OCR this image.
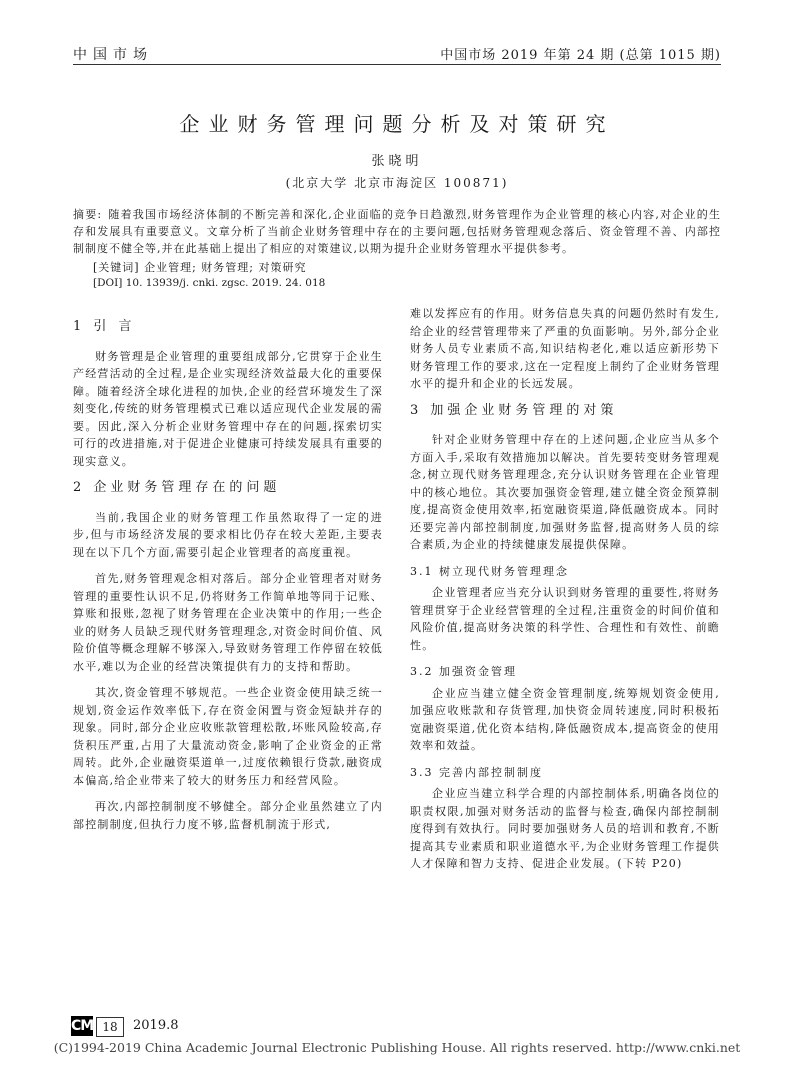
中国市场	中国市场 2019 年第 24 期 (总第 1015 期)
企业财务管理问题分析及对策研究
张晓明
(北京大学 北京市海淀区 100871)
摘要: 随着我国市场经济体制的不断完善和深化,企业面临的竞争日趋激烈,财务管理作为企业管理的核心内容,对企业的生存和发展具有重要意义。文章分析了当前企业财务管理中存在的主要问题,包括财务管理观念落后、资金管理不善、内部控制制度不健全等,并在此基础上提出了相应的对策建议,以期为提升企业财务管理水平提供参考。
[关键词] 企业管理; 财务管理; 对策研究
[DOI] 10. 13939/j. cnki. zgsc. 2019. 24. 018
1 引 言

财务管理是企业管理的重要组成部分,它贯穿于企业生产经营活动的全过程,是企业实现经济效益最大化的重要保障。随着经济全球化进程的加快,企业的经营环境发生了深刻变化,传统的财务管理模式已难以适应现代企业发展的需要。因此,深入分析企业财务管理中存在的问题,探索切实可行的改进措施,对于促进企业健康可持续发展具有重要的现实意义。

2 企业财务管理存在的问题

当前,我国企业的财务管理工作虽然取得了一定的进步,但与市场经济发展的要求相比仍存在较大差距,主要表现在以下几个方面,需要引起企业管理者的高度重视。

首先,财务管理观念相对落后。部分企业管理者对财务管理的重要性认识不足,仍将财务工作简单地等同于记账、算账和报账,忽视了财务管理在企业决策中的作用;一些企业的财务人员缺乏现代财务管理理念,对资金时间价值、风险价值等概念理解不够深入,导致财务管理工作停留在较低水平,难以为企业的经营决策提供有力的支持和帮助。

其次,资金管理不够规范。一些企业资金使用缺乏统一规划,资金运作效率低下,存在资金闲置与资金短缺并存的现象。同时,部分企业应收账款管理松散,坏账风险较高,存货积压严重,占用了大量流动资金,影响了企业资金的正常周转。此外,企业融资渠道单一,过度依赖银行贷款,融资成本偏高,给企业带来了较大的财务压力和经营风险。

再次,内部控制制度不够健全。部分企业虽然建立了内部控制制度,但执行力度不够,监督机制流于形式,

难以发挥应有的作用。财务信息失真的问题仍然时有发生,给企业的经营管理带来了严重的负面影响。另外,部分企业财务人员专业素质不高,知识结构老化,难以适应新形势下财务管理工作的要求,这在一定程度上制约了企业财务管理水平的提升和企业的长远发展。

3 加强企业财务管理的对策

针对企业财务管理中存在的上述问题,企业应当从多个方面入手,采取有效措施加以解决。首先要转变财务管理观念,树立现代财务管理理念,充分认识财务管理在企业管理中的核心地位。其次要加强资金管理,建立健全资金预算制度,提高资金使用效率,拓宽融资渠道,降低融资成本。同时还要完善内部控制制度,加强财务监督,提高财务人员的综合素质,为企业的持续健康发展提供保障。

3.1 树立现代财务管理理念

企业管理者应当充分认识到财务管理的重要性,将财务管理贯穿于企业经营管理的全过程,注重资金的时间价值和风险价值,提高财务决策的科学性、合理性和有效性、前瞻性。

3.2 加强资金管理

企业应当建立健全资金管理制度,统筹规划资金使用,加强应收账款和存货管理,加快资金周转速度,同时积极拓宽融资渠道,优化资本结构,降低融资成本,提高资金的使用效率和效益。

3.3 完善内部控制制度

企业应当建立科学合理的内部控制体系,明确各岗位的职责权限,加强对财务活动的监督与检查,确保内部控制制度得到有效执行。同时要加强财务人员的培训和教育,不断提高其专业素质和职业道德水平,为企业财务管理工作提供人才保障和智力支持、促进企业发展。(下转 P20)

CM 18	2019.8
(C)1994-2019 China Academic Journal Electronic Publishing House. All rights reserved. http://www.cnki.net
